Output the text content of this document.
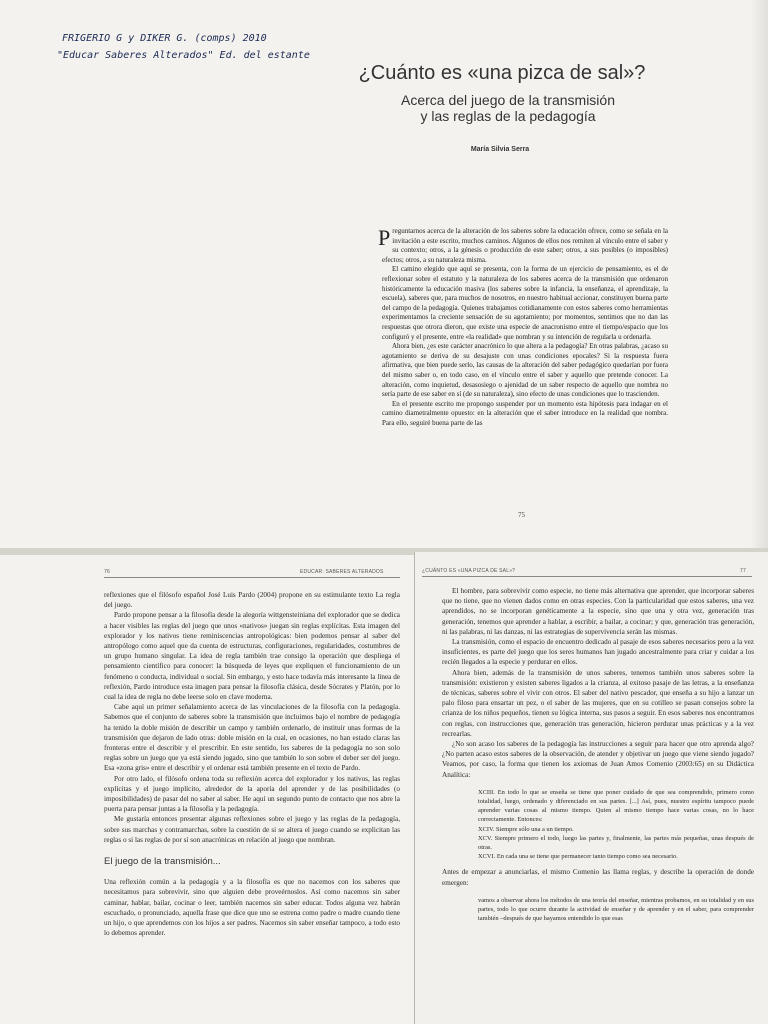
FRIGERIO G y DIKER G. (comps) 2010
"Educar Saberes Alterados" Ed. del estante
¿Cuánto es «una pizca de sal»?
Acerca del juego de la transmisión
y las reglas de la pedagogía
María Silvia Serra

Preguntarnos acerca de la alteración de los saberes sobre la educación ofrece, como se señala en la invitación a este escrito, muchos caminos. Algunos de ellos nos remiten al vínculo entre el saber y su contexto; otros, a la génesis o producción de este saber; otros, a sus posibles (o imposibles) efectos; otros, a su naturaleza misma.

El camino elegido que aquí se presenta, con la forma de un ejercicio de pensamiento, es el de reflexionar sobre el estatuto y la naturaleza de los saberes acerca de la transmisión que ordenaron históricamente la educación masiva (los saberes sobre la infancia, la enseñanza, el aprendizaje, la escuela), saberes que, para muchos de nosotros, en nuestro habitual accionar, constituyen buena parte del campo de la pedagogía. Quienes trabajamos cotidianamente con estos saberes como herramientas experimentamos la creciente sensación de su agotamiento; por momentos, sentimos que no dan las respuestas que otrora dieron, que existe una especie de anacronismo entre el tiempo/espacio que los configuró y el presente, entre «la realidad» que nombran y su intención de regularla u ordenarla.

Ahora bien, ¿es este carácter anacrónico lo que altera a la pedagogía? En otras palabras, ¿acaso su agotamiento se deriva de su desajuste con unas condiciones epocales? Si la respuesta fuera afirmativa, que bien puede serlo, las causas de la alteración del saber pedagógico quedarían por fuera del mismo saber o, en todo caso, en el vínculo entre el saber y aquello que pretende conocer. La alteración, como inquietud, desasosiego o ajenidad de un saber respecto de aquello que nombra no sería parte de ese saber en sí (de su naturaleza), sino efecto de unas condiciones que lo trascienden.

En el presente escrito me propongo suspender por un momento esta hipótesis para indagar en el camino diametralmente opuesto: en la alteración que el saber introduce en la realidad que nombra. Para ello, seguiré buena parte de las

75
76	EDUCAR: SABERES ALTERADOS

reflexiones que el filósofo español José Luis Pardo (2004) propone en su estimulante texto La regla del juego.

Pardo propone pensar a la filosofía desde la alegoría wittgensteiniana del explorador que se dedica a hacer visibles las reglas del juego que unos «nativos» juegan sin reglas explícitas. Esta imagen del explorador y los nativos tiene reminiscencias antropológicas: bien podemos pensar al saber del antropólogo como aquel que da cuenta de estructuras, configuraciones, regularidades, costumbres de un grupo humano singular. La idea de regla también trae consigo la operación que despliega el pensamiento científico para conocer: la búsqueda de leyes que expliquen el funcionamiento de un fenómeno o conducta, individual o social. Sin embargo, y esto hace todavía más interesante la línea de reflexión, Pardo introduce esta imagen para pensar la filosofía clásica, desde Sócrates y Platón, por lo cual la idea de regla no debe leerse solo en clave moderna.

Cabe aquí un primer señalamiento acerca de las vinculaciones de la filosofía con la pedagogía. Sabemos que el conjunto de saberes sobre la transmisión que incluimos bajo el nombre de pedagogía ha tenido la doble misión de describir un campo y también ordenarlo, de instituir unas formas de la transmisión que dejaron de lado otras: doble misión en la cual, en ocasiones, no han estado claras las fronteras entre el describir y el prescribir. En este sentido, los saberes de la pedagogía no son solo reglas sobre un juego que ya está siendo jugado, sino que también lo son sobre el deber ser del juego. Esa «zona gris» entre el describir y el ordenar está también presente en el texto de Pardo.

Por otro lado, el filósofo ordena toda su reflexión acerca del explorador y los nativos, las reglas explícitas y el juego implícito, alrededor de la aporía del aprender y de las posibilidades (o imposibilidades) de pasar del no saber al saber. He aquí un segundo punto de contacto que nos abre la puerta para pensar juntas a la filosofía y la pedagogía.

Me gustaría entonces presentar algunas reflexiones sobre el juego y las reglas de la pedagogía, sobre sus marchas y contramarchas, sobre la cuestión de si se altera el juego cuando se explicitan las reglas o si las reglas de por sí son anacrónicas en relación al juego que nombran.

El juego de la transmisión...

Una reflexión común a la pedagogía y a la filosofía es que no nacemos con los saberes que necesitamos para sobrevivir, sino que alguien debe proveérnoslos. Así como nacemos sin saber caminar, hablar, bailar, cocinar o leer, también nacemos sin saber educar. Todos alguna vez habrán escuchado, o pronunciado, aquella frase que dice que uno se estrena como padre o madre cuando tiene un hijo, o que aprendemos con los hijos a ser padres. Nacemos sin saber enseñar tampoco, a todo esto lo debemos aprender.

¿CUÁNTO ES «UNA PIZCA DE SAL»?	77

El hombre, para sobrevivir como especie, no tiene más alternativa que aprender, que incorporar saberes que no tiene, que no vienen dados como en otras especies. Con la particularidad que estos saberes, una vez aprendidos, no se incorporan genéticamente a la especie, sino que una y otra vez, generación tras generación, tenemos que aprender a hablar, a escribir, a bailar, a cocinar; y que, generación tras generación, ni las palabras, ni las danzas, ni las estrategias de supervivencia serán las mismas.

La transmisión, como el espacio de encuentro dedicado al pasaje de esos saberes necesarios pero a la vez insuficientes, es parte del juego que los seres humanos han jugado ancestralmente para criar y cuidar a los recién llegados a la especie y perdurar en ellos.

Ahora bien, además de la transmisión de unos saberes, tenemos también unos saberes sobre la transmisión: existieron y existen saberes ligados a la crianza, al exitoso pasaje de las letras, a la enseñanza de técnicas, saberes sobre el vivir con otros. El saber del nativo pescador, que enseña a su hijo a lanzar un palo filoso para ensartar un pez, o el saber de las mujeres, que en su cotilleo se pasan consejos sobre la crianza de los niños pequeños, tienen su lógica interna, sus pasos a seguir. En esos saberes nos encontramos con reglas, con instrucciones que, generación tras generación, hicieron perdurar unas prácticas y a la vez recrearlas.

¿No son acaso los saberes de la pedagogía las instrucciones a seguir para hacer que otro aprenda algo? ¿No parten acaso estos saberes de la observación, de atender y objetivar un juego que viene siendo jugado? Veamos, por caso, la forma que tienen los axiomas de Juan Amos Comenio (2003:65) en su Didáctica Analítica:

XCIII. En todo lo que se enseña se tiene que poner cuidado de que sea comprendido, primero como totalidad, luego, ordenado y diferenciado en sus partes. [...] Así, pues, nuestro espíritu tampoco puede aprender varias cosas al mismo tiempo. Quien al mismo tiempo hace varias cosas, no lo hace correctamente. Entonces:
XCIV. Siempre sólo una a un tiempo.
XCV. Siempre primero el todo, luego las partes y, finalmente, las partes más pequeñas, unas después de otras.
XCVI. En cada una se tiene que permanecer tanto tiempo como sea necesario.

Antes de empezar a anunciarlas, el mismo Comenio las llama reglas, y describe la operación de donde emergen:

vamos a observar ahora los métodos de una teoría del enseñar, mientras probamos, en su totalidad y en sus partes, todo lo que ocurre durante la actividad de enseñar y de aprender y en el saber, para comprender también –después de que hayamos entendido lo que esas
